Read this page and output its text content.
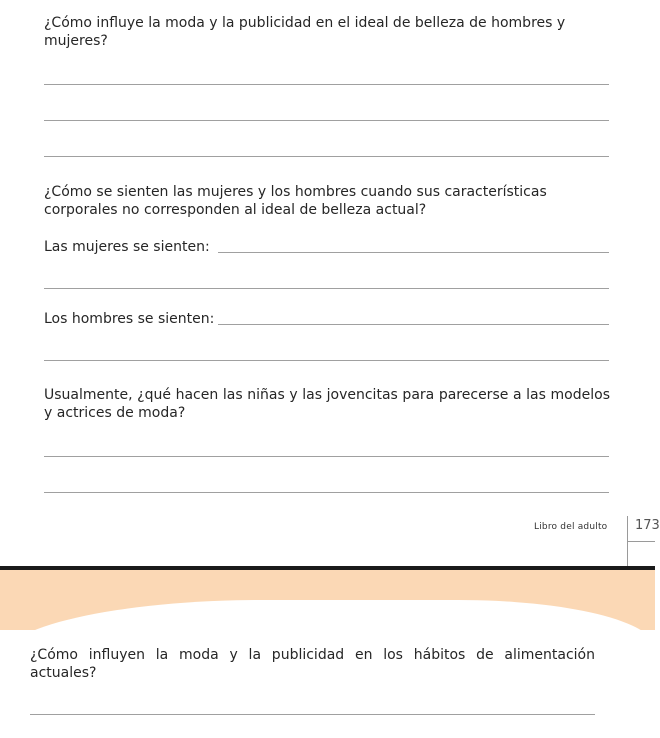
¿Cómo influye la moda y la publicidad en el ideal de belleza de hombres y mujeres?

¿Cómo se sienten las mujeres y los hombres cuando sus características corporales no corresponden al ideal de belleza actual?

Las mujeres se sienten:
Los hombres se sienten:

Usualmente, ¿qué hacen las niñas y las jovencitas para parecerse a las modelos y actrices de moda?

Libro del adulto 173

¿Cómo influyen la moda y la publicidad en los hábitos de alimentación actuales?
